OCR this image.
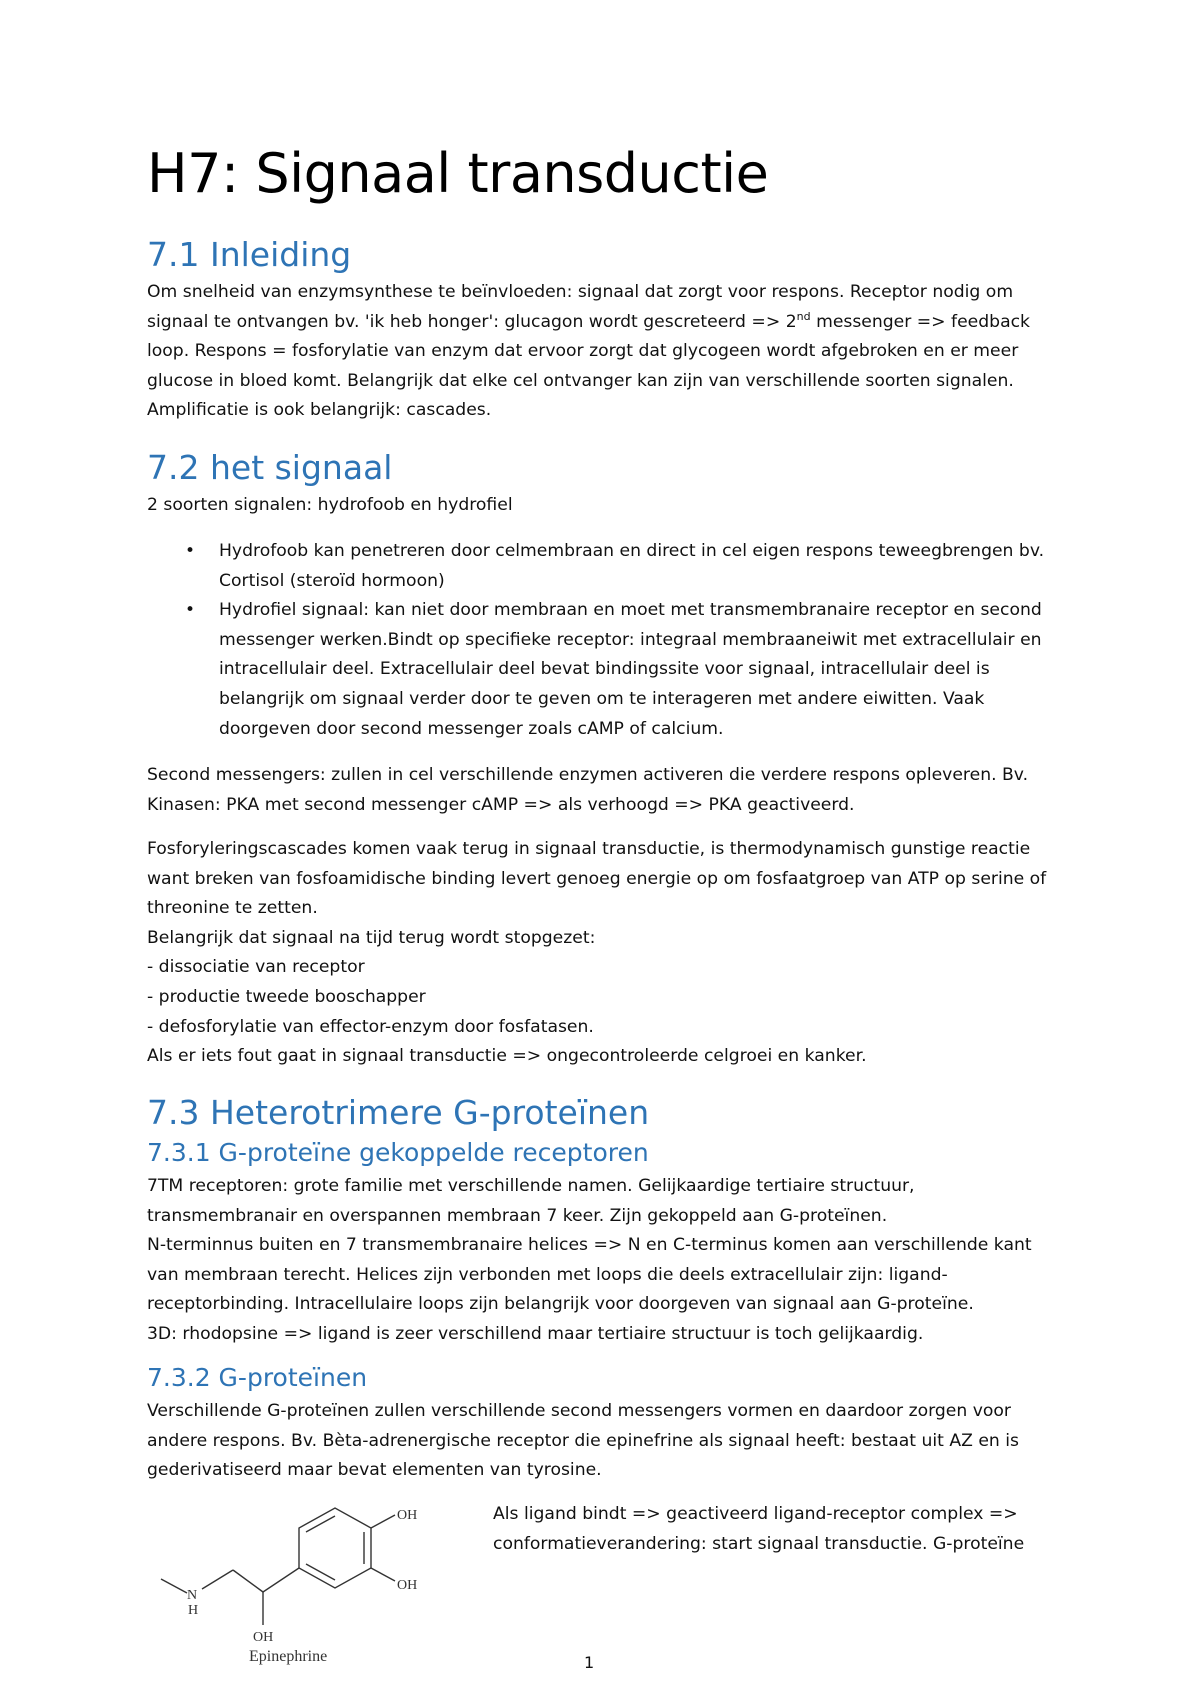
H7: Signaal transductie
7.1 Inleiding

Om snelheid van enzymsynthese te beïnvloeden: signaal dat zorgt voor respons. Receptor nodig om signaal te ontvangen bv. 'ik heb honger': glucagon wordt gescreteerd => 2nd messenger => feedback loop. Respons = fosforylatie van enzym dat ervoor zorgt dat glycogeen wordt afgebroken en er meer glucose in bloed komt. Belangrijk dat elke cel ontvanger kan zijn van verschillende soorten signalen. Amplificatie is ook belangrijk: cascades.

7.2 het signaal

2 soorten signalen: hydrofoob en hydrofiel

• Hydrofoob kan penetreren door celmembraan en direct in cel eigen respons teweegbrengen bv. Cortisol (steroïd hormoon)
• Hydrofiel signaal: kan niet door membraan en moet met transmembranaire receptor en second messenger werken.Bindt op specifieke receptor: integraal membraaneiwit met extracellulair en intracellulair deel. Extracellulair deel bevat bindingssite voor signaal, intracellulair deel is belangrijk om signaal verder door te geven om te interageren met andere eiwitten. Vaak doorgeven door second messenger zoals cAMP of calcium.

Second messengers: zullen in cel verschillende enzymen activeren die verdere respons opleveren. Bv. Kinasen: PKA met second messenger cAMP => als verhoogd => PKA geactiveerd.

Fosforyleringscascades komen vaak terug in signaal transductie, is thermodynamisch gunstige reactie want breken van fosfoamidische binding levert genoeg energie op om fosfaatgroep van ATP op serine of threonine te zetten.
Belangrijk dat signaal na tijd terug wordt stopgezet:
- dissociatie van receptor
- productie tweede booschapper
- defosforylatie van effector-enzym door fosfatasen.
Als er iets fout gaat in signaal transductie => ongecontroleerde celgroei en kanker.

7.3 Heterotrimere G-proteïnen
7.3.1 G-proteïne gekoppelde receptoren

7TM receptoren: grote familie met verschillende namen. Gelijkaardige tertiaire structuur, transmembranair en overspannen membraan 7 keer. Zijn gekoppeld aan G-proteïnen.
N-terminnus buiten en 7 transmembranaire helices => N en C-terminus komen aan verschillende kant van membraan terecht. Helices zijn verbonden met loops die deels extracellulair zijn: ligand-receptorbinding. Intracellulaire loops zijn belangrijk voor doorgeven van signaal aan G-proteïne.
3D: rhodopsine => ligand is zeer verschillend maar tertiaire structuur is toch gelijkaardig.

7.3.2 G-proteïnen

Verschillende G-proteïnen zullen verschillende second messengers vormen en daardoor zorgen voor andere respons. Bv. Bèta-adrenergische receptor die epinefrine als signaal heeft: bestaat uit AZ en is gederivatiseerd maar bevat elementen van tyrosine.

Als ligand bindt => geactiveerd ligand-receptor complex => conformatieverandering: start signaal transductie. G-proteïne

OH
OH
N
H
OH
Epinephrine	1
